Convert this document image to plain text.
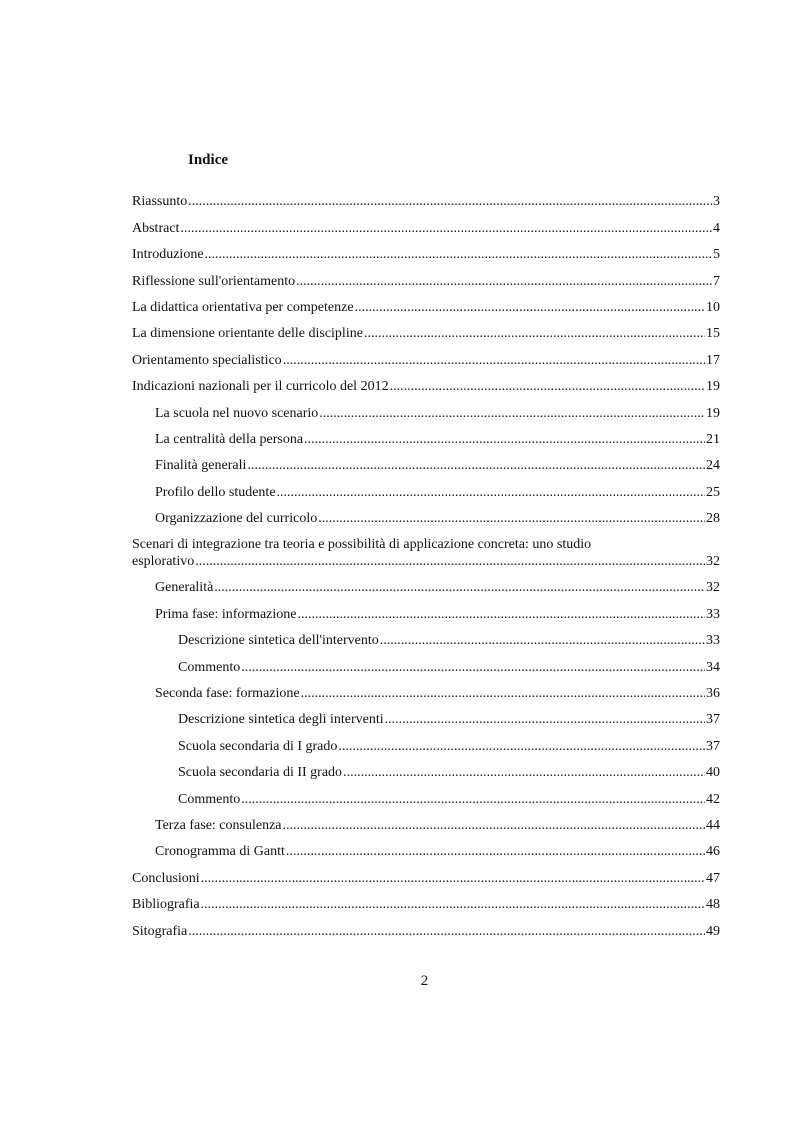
Indice
Riassunto .....	3
Abstract .....	4
Introduzione .....	5
Riflessione sull'orientamento .....	7
La didattica orientativa per competenze .....	10
La dimensione orientante delle discipline .....	15
Orientamento specialistico .....	17
Indicazioni nazionali per il curricolo del 2012 .....	19
La scuola nel nuovo scenario .....	19
La centralità della persona .....	21
Finalità generali .....	24
Profilo dello studente .....	25
Organizzazione del curricolo .....	28
Scenari di integrazione tra teoria e possibilità di applicazione concreta: uno studio
esplorativo .....	32
Generalità .....	32
Prima fase: informazione .....	33
Descrizione sintetica dell'intervento .....	33
Commento .....	34
Seconda fase: formazione .....	36
Descrizione sintetica degli interventi .....	37
Scuola secondaria di I grado .....	37
Scuola secondaria di II grado .....	40
Commento .....	42
Terza fase: consulenza .....	44
Cronogramma di Gantt .....	46
Conclusioni .....	47
Bibliografia .....	48
Sitografia .....	49

2
